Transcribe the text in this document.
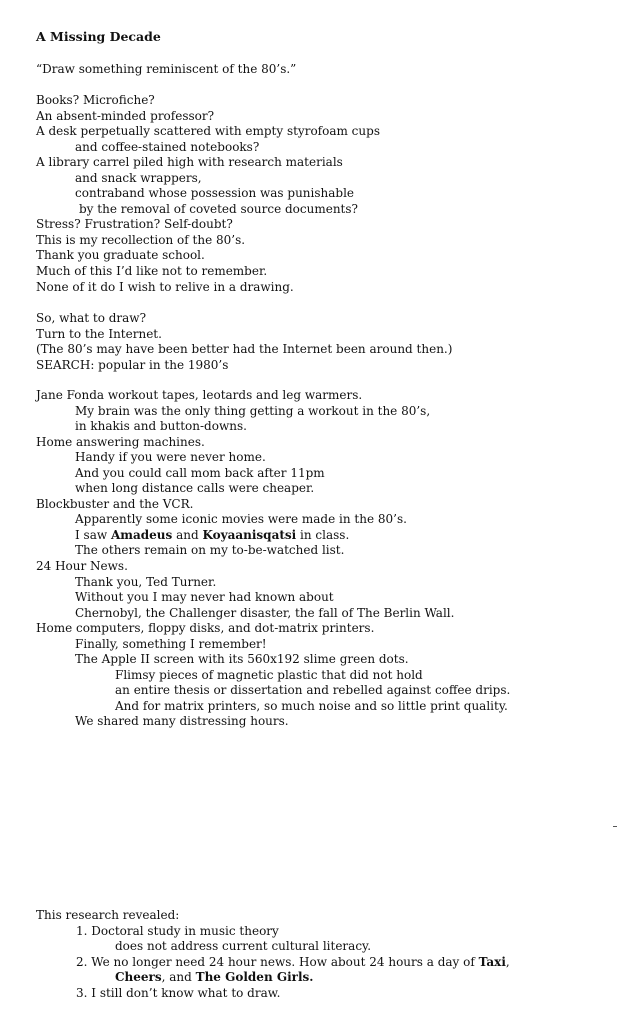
A Missing Decade
“Draw something reminiscent of the 80’s.”
Books? Microfiche?
An absent-minded professor?
A desk perpetually scattered with empty styrofoam cups
and coffee-stained notebooks?
A library carrel piled high with research materials
and snack wrappers,
contraband whose possession was punishable
by the removal of coveted source documents?
Stress? Frustration? Self-doubt?
This is my recollection of the 80’s.
Thank you graduate school.
Much of this I’d like not to remember.
None of it do I wish to relive in a drawing.
So, what to draw?
Turn to the Internet.
(The 80’s may have been better had the Internet been around then.)
SEARCH: popular in the 1980’s
Jane Fonda workout tapes, leotards and leg warmers.
My brain was the only thing getting a workout in the 80’s,
in khakis and button-downs.
Home answering machines.
Handy if you were never home.
And you could call mom back after 11pm
when long distance calls were cheaper.
Blockbuster and the VCR.
Apparently some iconic movies were made in the 80’s.
I saw Amadeus and Koyaanisqatsi in class.
The others remain on my to-be-watched list.
24 Hour News.
Thank you, Ted Turner.
Without you I may never had known about
Chernobyl, the Challenger disaster, the fall of The Berlin Wall.
Home computers, floppy disks, and dot-matrix printers.
Finally, something I remember!
The Apple II screen with its 560x192 slime green dots.
Flimsy pieces of magnetic plastic that did not hold
an entire thesis or dissertation and rebelled against coffee drips.
And for matrix printers, so much noise and so little print quality.
We shared many distressing hours.
This research revealed:
1. Doctoral study in music theory
does not address current cultural literacy.
2. We no longer need 24 hour news. How about 24 hours a day of Taxi,
Cheers, and The Golden Girls.
3. I still don’t know what to draw.
